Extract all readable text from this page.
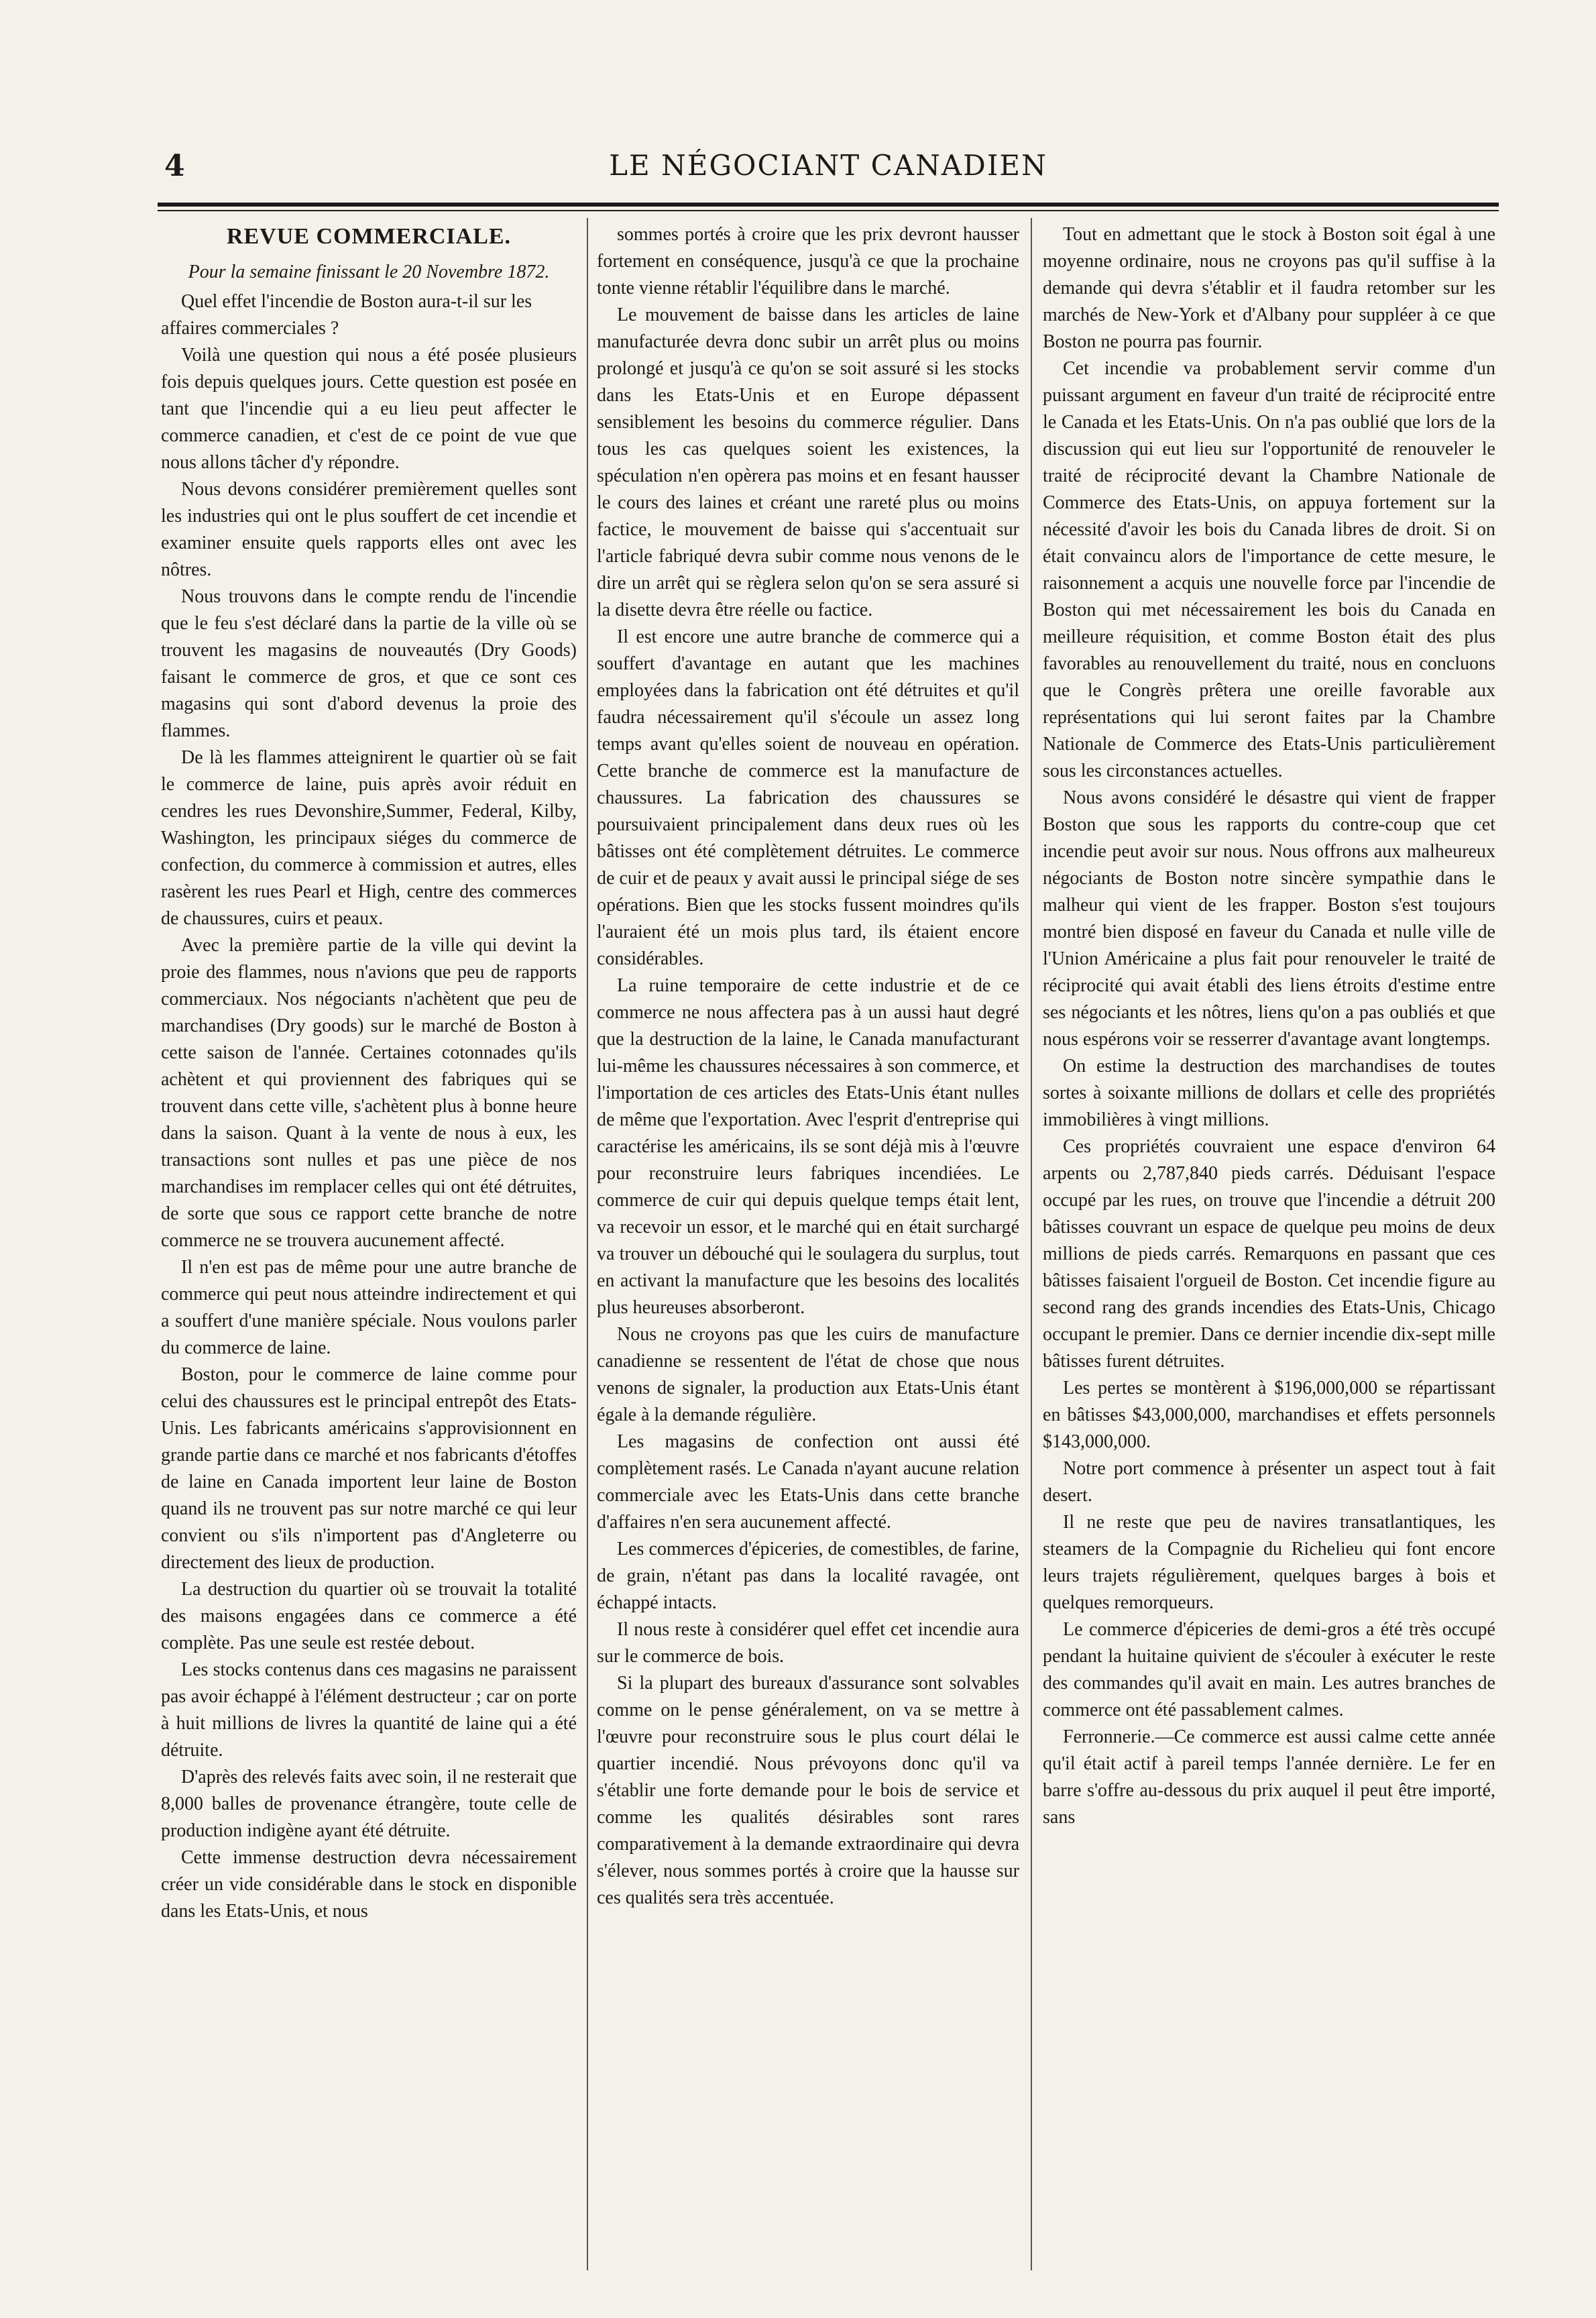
4	LE NÉGOCIANT CANADIEN
REVUE COMMERCIALE.
Pour la semaine finissant le 20 Novembre 1872.

Quel effet l'incendie de Boston aura-t-il sur les affaires commerciales ?

Voilà une question qui nous a été posée plusieurs fois depuis quelques jours. Cette question est posée en tant que l'incendie qui a eu lieu peut affecter le commerce canadien, et c'est de ce point de vue que nous allons tâcher d'y répondre.

Nous devons considérer premièrement quelles sont les industries qui ont le plus souffert de cet incendie et examiner ensuite quels rapports elles ont avec les nôtres.

Nous trouvons dans le compte rendu de l'incendie que le feu s'est déclaré dans la partie de la ville où se trouvent les magasins de nouveautés (Dry Goods) faisant le commerce de gros, et que ce sont ces magasins qui sont d'abord devenus la proie des flammes.

De là les flammes atteignirent le quartier où se fait le commerce de laine, puis après avoir réduit en cendres les rues Devonshire,Summer, Federal, Kilby, Washington, les principaux siéges du commerce de confection, du commerce à commission et autres, elles rasèrent les rues Pearl et High, centre des commerces de chaussures, cuirs et peaux.

Avec la première partie de la ville qui devint la proie des flammes, nous n'avions que peu de rapports commerciaux. Nos négociants n'achètent que peu de marchandises (Dry goods) sur le marché de Boston à cette saison de l'année. Certaines cotonnades qu'ils achètent et qui proviennent des fabriques qui se trouvent dans cette ville, s'achètent plus à bonne heure dans la saison. Quant à la vente de nous à eux, les transactions sont nulles et pas une pièce de nos marchandises im remplacer celles qui ont été détruites, de sorte que sous ce rapport cette branche de notre commerce ne se trouvera aucunement affecté.

Il n'en est pas de même pour une autre branche de commerce qui peut nous atteindre indirectement et qui a souffert d'une manière spéciale. Nous voulons parler du commerce de laine.

Boston, pour le commerce de laine comme pour celui des chaussures est le principal entrepôt des Etats-Unis. Les fabricants américains s'approvisionnent en grande partie dans ce marché et nos fabricants d'étoffes de laine en Canada importent leur laine de Boston quand ils ne trouvent pas sur notre marché ce qui leur convient ou s'ils n'importent pas d'Angleterre ou directement des lieux de production.

La destruction du quartier où se trouvait la totalité des maisons engagées dans ce commerce a été complète. Pas une seule est restée debout.

Les stocks contenus dans ces magasins ne paraissent pas avoir échappé à l'élément destructeur ; car on porte à huit millions de livres la quantité de laine qui a été détruite.

D'après des relevés faits avec soin, il ne resterait que 8,000 balles de provenance étrangère, toute celle de production indigène ayant été détruite.

Cette immense destruction devra nécessairement créer un vide considérable dans le stock en disponible dans les Etats-Unis, et nous

sommes portés à croire que les prix devront hausser fortement en conséquence, jusqu'à ce que la prochaine tonte vienne rétablir l'équilibre dans le marché.

Le mouvement de baisse dans les articles de laine manufacturée devra donc subir un arrêt plus ou moins prolongé et jusqu'à ce qu'on se soit assuré si les stocks dans les Etats-Unis et en Europe dépassent sensiblement les besoins du commerce régulier. Dans tous les cas quelques soient les existences, la spéculation n'en opèrera pas moins et en fesant hausser le cours des laines et créant une rareté plus ou moins factice, le mouvement de baisse qui s'accentuait sur l'article fabriqué devra subir comme nous venons de le dire un arrêt qui se règlera selon qu'on se sera assuré si la disette devra être réelle ou factice.

Il est encore une autre branche de commerce qui a souffert d'avantage en autant que les machines employées dans la fabrication ont été détruites et qu'il faudra nécessairement qu'il s'écoule un assez long temps avant qu'elles soient de nouveau en opération. Cette branche de commerce est la manufacture de chaussures. La fabrication des chaussures se poursuivaient principalement dans deux rues où les bâtisses ont été complètement détruites. Le commerce de cuir et de peaux y avait aussi le principal siége de ses opérations. Bien que les stocks fussent moindres qu'ils l'auraient été un mois plus tard, ils étaient encore considérables.

La ruine temporaire de cette industrie et de ce commerce ne nous affectera pas à un aussi haut degré que la destruction de la laine, le Canada manufacturant lui-même les chaussures nécessaires à son commerce, et l'importation de ces articles des Etats-Unis étant nulles de même que l'exportation. Avec l'esprit d'entreprise qui caractérise les américains, ils se sont déjà mis à l'œuvre pour reconstruire leurs fabriques incendiées. Le commerce de cuir qui depuis quelque temps était lent, va recevoir un essor, et le marché qui en était surchargé va trouver un débouché qui le soulagera du surplus, tout en activant la manufacture que les besoins des localités plus heureuses absorberont.

Nous ne croyons pas que les cuirs de manufacture canadienne se ressentent de l'état de chose que nous venons de signaler, la production aux Etats-Unis étant égale à la demande régulière.

Les magasins de confection ont aussi été complètement rasés. Le Canada n'ayant aucune relation commerciale avec les Etats-Unis dans cette branche d'affaires n'en sera aucunement affecté.

Les commerces d'épiceries, de comestibles, de farine, de grain, n'étant pas dans la localité ravagée, ont échappé intacts.

Il nous reste à considérer quel effet cet incendie aura sur le commerce de bois.

Si la plupart des bureaux d'assurance sont solvables comme on le pense généralement, on va se mettre à l'œuvre pour reconstruire sous le plus court délai le quartier incendié. Nous prévoyons donc qu'il va s'établir une forte demande pour le bois de service et comme les qualités désirables sont rares comparativement à la demande extraordinaire qui devra s'élever, nous sommes portés à croire que la hausse sur ces qualités sera très accentuée.

Tout en admettant que le stock à Boston soit égal à une moyenne ordinaire, nous ne croyons pas qu'il suffise à la demande qui devra s'établir et il faudra retomber sur les marchés de New-York et d'Albany pour suppléer à ce que Boston ne pourra pas fournir.

Cet incendie va probablement servir comme d'un puissant argument en faveur d'un traité de réciprocité entre le Canada et les Etats-Unis. On n'a pas oublié que lors de la discussion qui eut lieu sur l'opportunité de renouveler le traité de réciprocité devant la Chambre Nationale de Commerce des Etats-Unis, on appuya fortement sur la nécessité d'avoir les bois du Canada libres de droit. Si on était convaincu alors de l'importance de cette mesure, le raisonnement a acquis une nouvelle force par l'incendie de Boston qui met nécessairement les bois du Canada en meilleure réquisition, et comme Boston était des plus favorables au renouvellement du traité, nous en concluons que le Congrès prêtera une oreille favorable aux représentations qui lui seront faites par la Chambre Nationale de Commerce des Etats-Unis particulièrement sous les circonstances actuelles.

Nous avons considéré le désastre qui vient de frapper Boston que sous les rapports du contre-coup que cet incendie peut avoir sur nous. Nous offrons aux malheureux négociants de Boston notre sincère sympathie dans le malheur qui vient de les frapper. Boston s'est toujours montré bien disposé en faveur du Canada et nulle ville de l'Union Américaine a plus fait pour renouveler le traité de réciprocité qui avait établi des liens étroits d'estime entre ses négociants et les nôtres, liens qu'on a pas oubliés et que nous espérons voir se resserrer d'avantage avant longtemps.

On estime la destruction des marchandises de toutes sortes à soixante millions de dollars et celle des propriétés immobilières à vingt millions.

Ces propriétés couvraient une espace d'environ 64 arpents ou 2,787,840 pieds carrés. Déduisant l'espace occupé par les rues, on trouve que l'incendie a détruit 200 bâtisses couvrant un espace de quelque peu moins de deux millions de pieds carrés. Remarquons en passant que ces bâtisses faisaient l'orgueil de Boston. Cet incendie figure au second rang des grands incendies des Etats-Unis, Chicago occupant le premier. Dans ce dernier incendie dix-sept mille bâtisses furent détruites.

Les pertes se montèrent à $196,000,000 se répartissant en bâtisses $43,000,000, marchandises et effets personnels $143,000,000.

Notre port commence à présenter un aspect tout à fait desert.

Il ne reste que peu de navires transatlantiques, les steamers de la Compagnie du Richelieu qui font encore leurs trajets régulièrement, quelques barges à bois et quelques remorqueurs.

Le commerce d'épiceries de demi-gros a été très occupé pendant la huitaine quivient de s'écouler à exécuter le reste des commandes qu'il avait en main. Les autres branches de commerce ont été passablement calmes.

Ferronnerie.—Ce commerce est aussi calme cette année qu'il était actif à pareil temps l'année dernière. Le fer en barre s'offre au-dessous du prix auquel il peut être importé, sans
